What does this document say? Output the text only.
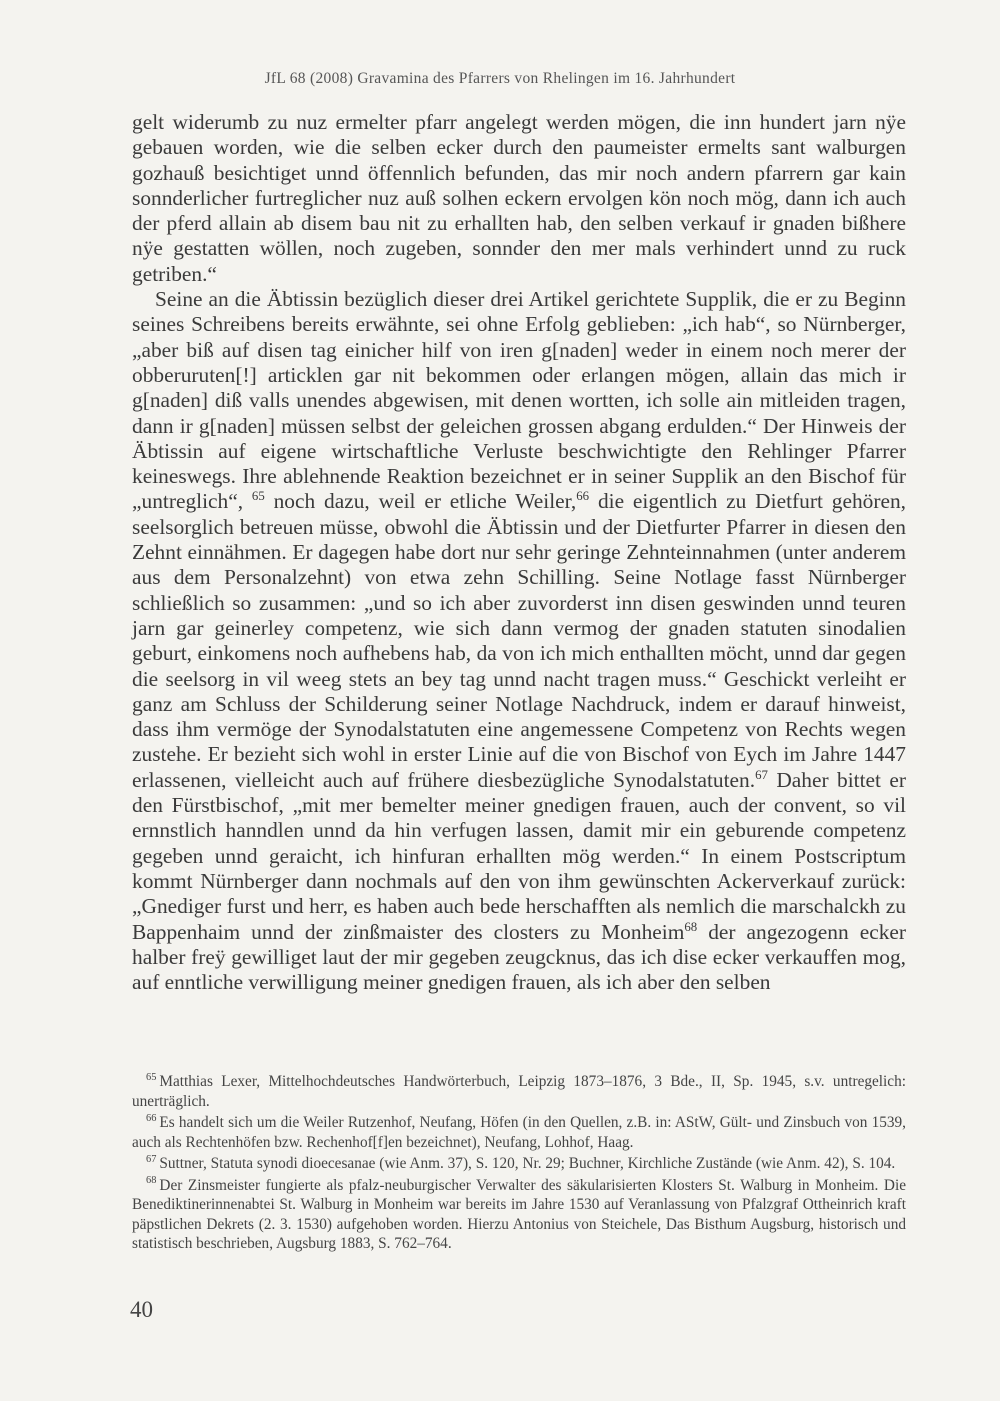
JfL 68 (2008) Gravamina des Pfarrers von Rhelingen im 16. Jahrhundert

gelt widerumb zu nuz ermelter pfarr angelegt werden mögen, die inn hundert jarn nÿe gebauen worden, wie die selben ecker durch den paumeister ermelts sant walburgen gozhauß besichtiget unnd öffennlich befunden, das mir noch andern pfarrern gar kain sonnderlicher furtreglicher nuz auß solhen eckern ervolgen kön noch mög, dann ich auch der pferd allain ab disem bau nit zu erhallten hab, den selben verkauf ir gnaden bißhere nÿe gestatten wöllen, noch zugeben, sonnder den mer mals verhindert unnd zu ruck getriben.“

Seine an die Äbtissin bezüglich dieser drei Artikel gerichtete Supplik, die er zu Beginn seines Schreibens bereits erwähnte, sei ohne Erfolg geblieben: „ich hab“, so Nürnberger, „aber biß auf disen tag einicher hilf von iren g[naden] weder in einem noch merer der obberuruten[!] articklen gar nit bekommen oder erlangen mögen, allain das mich ir g[naden] diß valls unendes abgewisen, mit denen wortten, ich solle ain mitleiden tragen, dann ir g[naden] müssen selbst der geleichen grossen abgang erdulden.“ Der Hinweis der Äbtissin auf eigene wirtschaftliche Verluste beschwichtigte den Rehlinger Pfarrer keineswegs. Ihre ablehnende Reaktion bezeichnet er in seiner Supplik an den Bischof für „untreglich“, $^{65}$ noch dazu, weil er etliche Weiler,$^{66}$ die eigentlich zu Dietfurt gehören, seelsorglich betreuen müsse, obwohl die Äbtissin und der Dietfurter Pfarrer in diesen den Zehnt einnähmen. Er dagegen habe dort nur sehr geringe Zehnteinnahmen (unter anderem aus dem Personalzehnt) von etwa zehn Schilling. Seine Notlage fasst Nürnberger schließlich so zusammen: „und so ich aber zuvorderst inn disen geswinden unnd teuren jarn gar geinerley competenz, wie sich dann vermog der gnaden statuten sinodalien geburt, einkomens noch aufhebens hab, da von ich mich enthallten möcht, unnd dar gegen die seelsorg in vil weeg stets an bey tag unnd nacht tragen muss.“ Geschickt verleiht er ganz am Schluss der Schilderung seiner Notlage Nachdruck, indem er darauf hinweist, dass ihm vermöge der Synodalstatuten eine angemessene Competenz von Rechts wegen zustehe. Er bezieht sich wohl in erster Linie auf die von Bischof von Eych im Jahre 1447 erlassenen, vielleicht auch auf frühere diesbezügliche Synodalstatuten.$^{67}$ Daher bittet er den Fürstbischof, „mit mer bemelter meiner gnedigen frauen, auch der convent, so vil ernnstlich hanndlen unnd da hin verfugen lassen, damit mir ein geburende competenz gegeben unnd geraicht, ich hinfuran erhallten mög werden.“ In einem Postscriptum kommt Nürnberger dann nochmals auf den von ihm gewünschten Ackerverkauf zurück: „Gnediger furst und herr, es haben auch bede herschafften als nemlich die marschalckh zu Bappenhaim unnd der zinßmaister des closters zu Monheim$^{68}$ der angezogenn ecker halber freÿ gewilliget laut der mir gegeben zeugcknus, das ich dise ecker verkauffen mog, auf enntliche verwilligung meiner gnedigen frauen, als ich aber den selben

$^{65}$ Matthias Lexer, Mittelhochdeutsches Handwörterbuch, Leipzig 1873–1876, 3 Bde., II, Sp. 1945, s.v. untregelich: unerträglich.

$^{66}$ Es handelt sich um die Weiler Rutzenhof, Neufang, Höfen (in den Quellen, z.B. in: AStW, Gült- und Zinsbuch von 1539, auch als Rechtenhöfen bzw. Rechenhof[f]en bezeichnet), Neufang, Lohhof, Haag.

$^{67}$ Suttner, Statuta synodi dioecesanae (wie Anm. 37), S. 120, Nr. 29; Buchner, Kirchliche Zustände (wie Anm. 42), S. 104.

$^{68}$ Der Zinsmeister fungierte als pfalz-neuburgischer Verwalter des säkularisierten Klosters St. Walburg in Monheim. Die Benediktinerinnenabtei St. Walburg in Monheim war bereits im Jahre 1530 auf Veranlassung von Pfalzgraf Ottheinrich kraft päpstlichen Dekrets (2. 3. 1530) aufgehoben worden. Hierzu Antonius von Steichele, Das Bisthum Augsburg, historisch und statistisch beschrieben, Augsburg 1883, S. 762–764.

40
